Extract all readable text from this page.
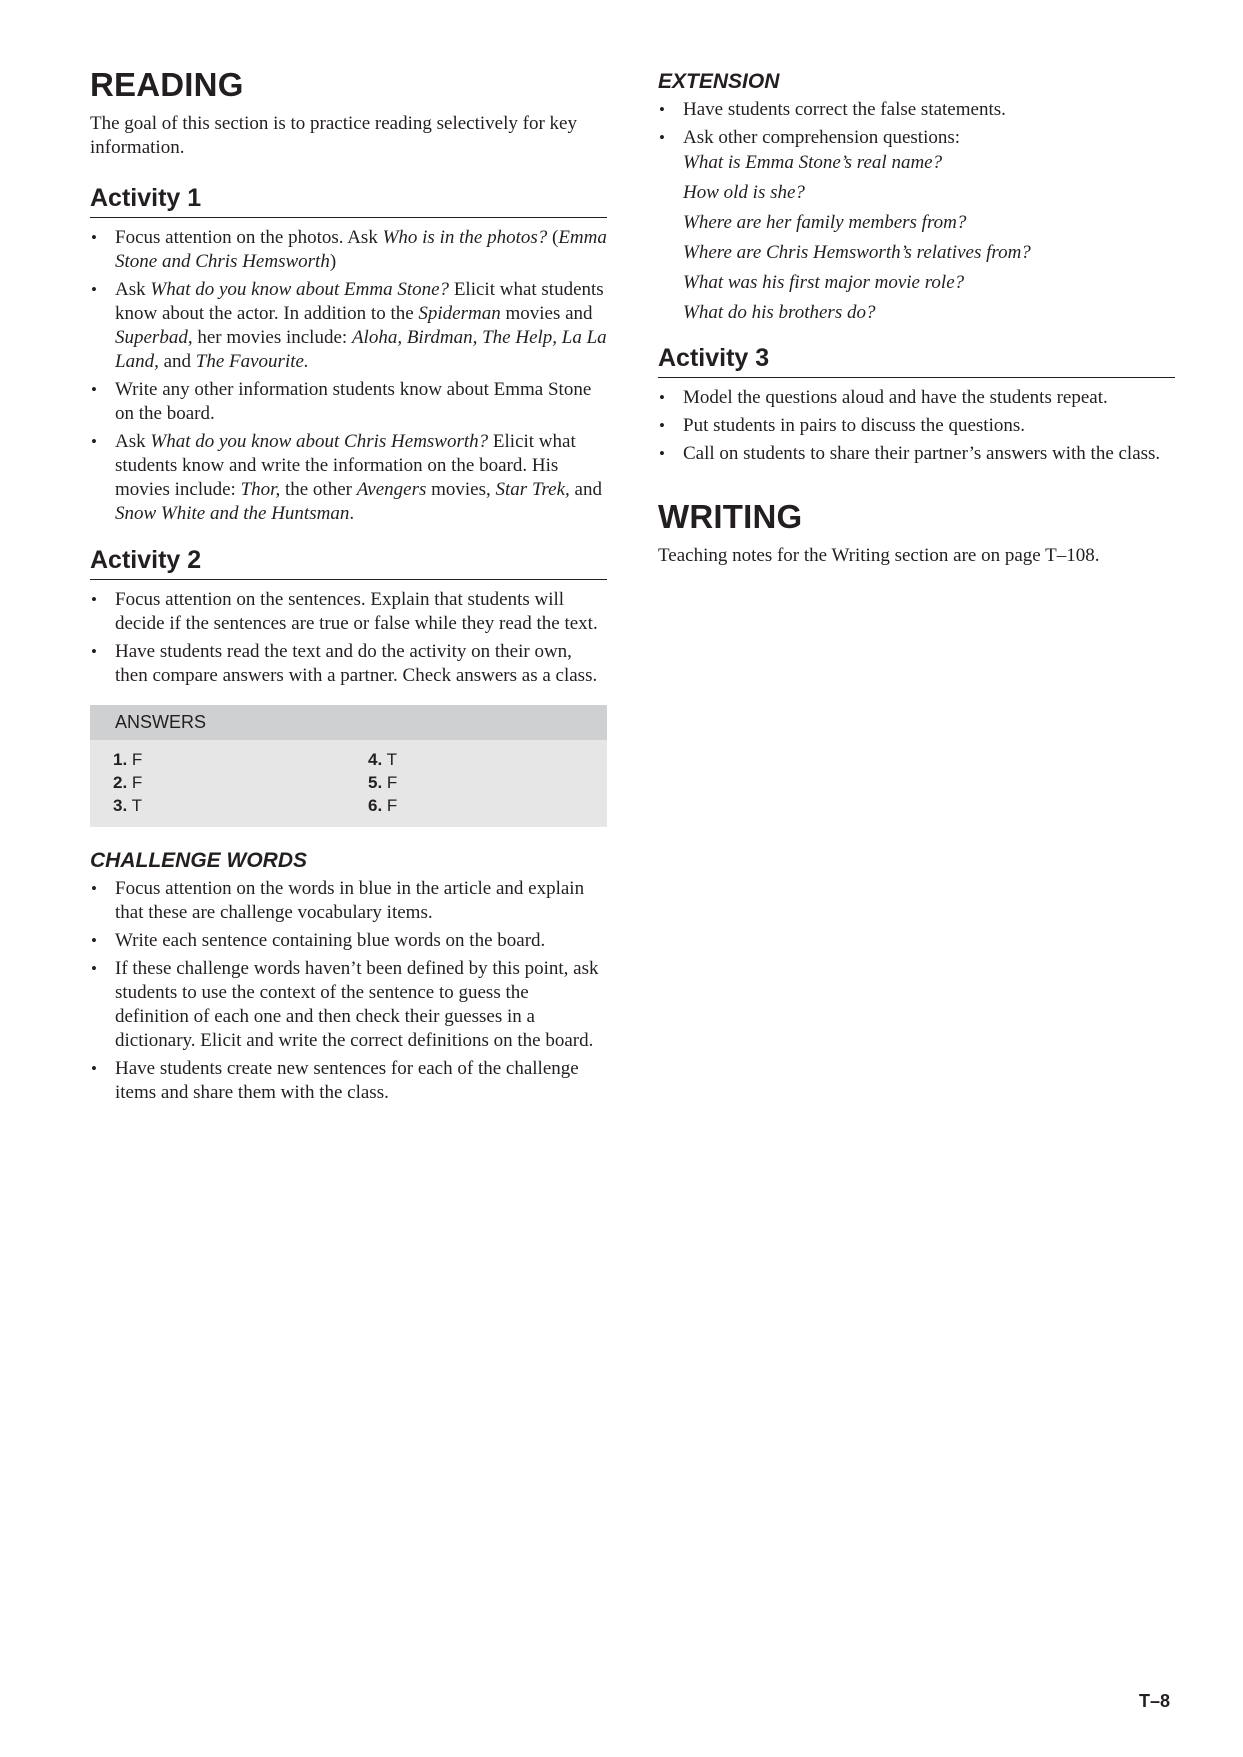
READING

The goal of this section is to practice reading selectively for key information.

Activity 1
• Focus attention on the photos. Ask Who is in the photos? (Emma Stone and Chris Hemsworth)
• Ask What do you know about Emma Stone? Elicit what students know about the actor. In addition to the Spiderman movies and Superbad, her movies include: Aloha, Birdman, The Help, La La Land, and The Favourite.
• Write any other information students know about Emma Stone on the board.
• Ask What do you know about Chris Hemsworth? Elicit what students know and write the information on the board. His movies include: Thor, the other Avengers movies, Star Trek, and Snow White and the Huntsman.
Activity 2
• Focus attention on the sentences. Explain that students will decide if the sentences are true or false while they read the text.
• Have students read the text and do the activity on their own, then compare answers with a partner. Check answers as a class.
ANSWERS
1. F
2. F
3. T
4. T
5. F
6. F
CHALLENGE WORDS
• Focus attention on the words in blue in the article and explain that these are challenge vocabulary items.
• Write each sentence containing blue words on the board.
• If these challenge words haven’t been defined by this point, ask students to use the context of the sentence to guess the definition of each one and then check their guesses in a dictionary. Elicit and write the correct definitions on the board.
• Have students create new sentences for each of the challenge items and share them with the class.
EXTENSION
• Have students correct the false statements.
• Ask other comprehension questions:
What is Emma Stone’s real name?
How old is she?
Where are her family members from?
Where are Chris Hemsworth’s relatives from?
What was his first major movie role?
What do his brothers do?
Activity 3
• Model the questions aloud and have the students repeat.
• Put students in pairs to discuss the questions.
• Call on students to share their partner’s answers with the class.
WRITING

Teaching notes for the Writing section are on page T–108.

T–8
